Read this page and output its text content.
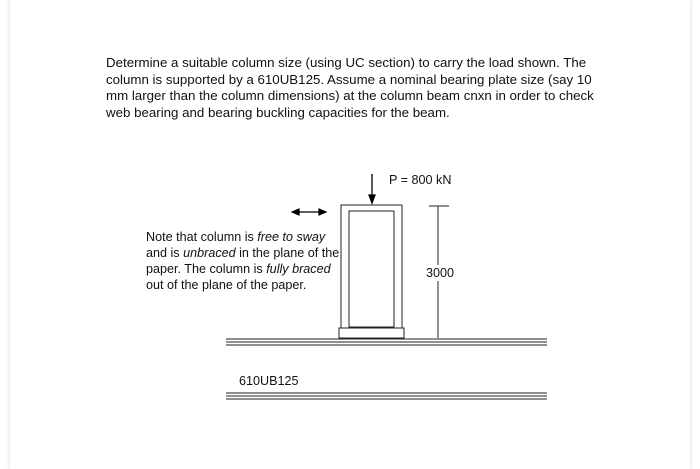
Determine a suitable column size (using UC section) to carry the load shown. The column is supported by a 610UB125. Assume a nominal bearing plate size (say 10 mm larger than the column dimensions) at the column beam cnxn in order to check web bearing and bearing buckling capacities for the beam.

P = 800 kN
3000

Note that column is free to sway and is unbraced in the plane of the paper. The column is fully braced out of the plane of the paper.

610UB125
